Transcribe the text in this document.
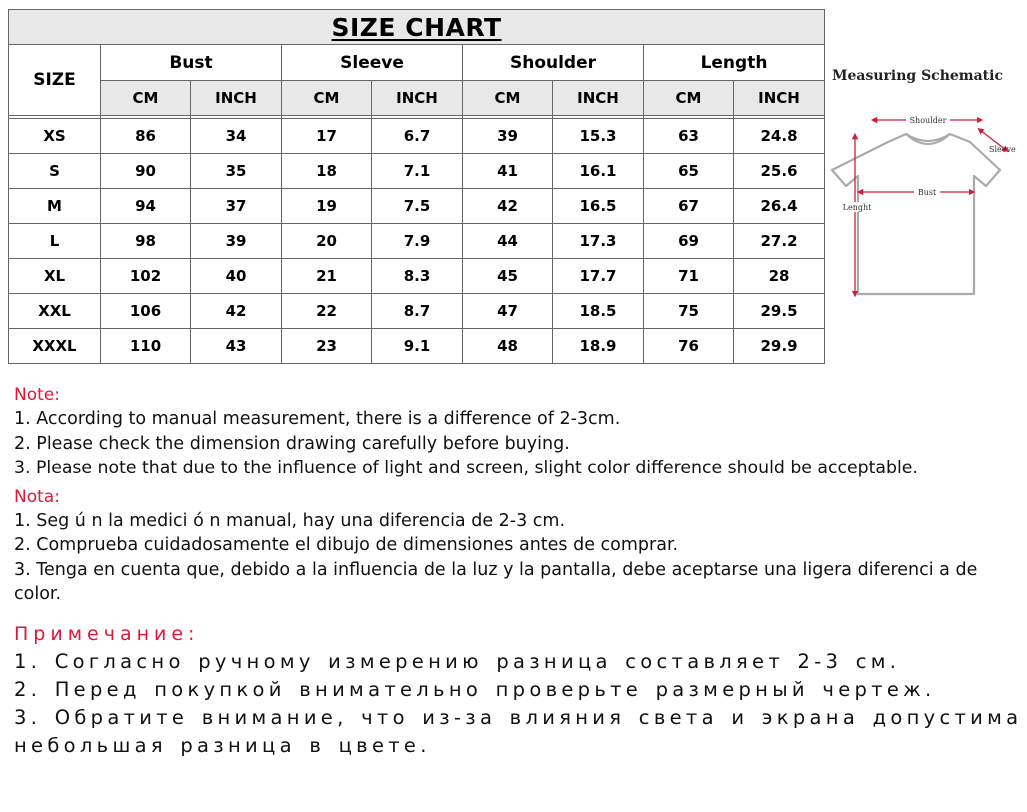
SIZE CHART								
SIZE	Bust		Sleeve		Shoulder		Length	
	CM	INCH	CM	INCH	CM	INCH	CM	INCH

XS	86	34	17	6.7	39	15.3	63	24.8
S	90	35	18	7.1	41	16.1	65	25.6
M	94	37	19	7.5	42	16.5	67	26.4
L	98	39	20	7.9	44	17.3	69	27.2
XL	102	40	21	8.3	45	17.7	71	28
XXL	106	42	22	8.7	47	18.5	75	29.5
XXXL	110	43	23	9.1	48	18.9	76	29.9
Measuring Schematic
Shoulder
Sleeve
Bust
Lenght

Note:

1. According to manual measurement, there is a difference of 2-3cm.

2. Please check the dimension drawing carefully before buying.

3. Please note that due to the influence of light and screen, slight color difference should be acceptable.

Nota:

1. Seg ú n la medici ó n manual, hay una diferencia de 2-3 cm.

2. Comprueba cuidadosamente el dibujo de dimensiones antes de comprar.

3. Tenga en cuenta que, debido a la influencia de la luz y la pantalla, debe aceptarse una ligera diferenci a de color.

Примечание:

1. Согласно ручному измерению разница составляет 2-3 см.

2. Перед покупкой внимательно проверьте размерный чертеж.

3. Обратите внимание, что из-за влияния света и экрана допустима небольшая разница в цвете.
